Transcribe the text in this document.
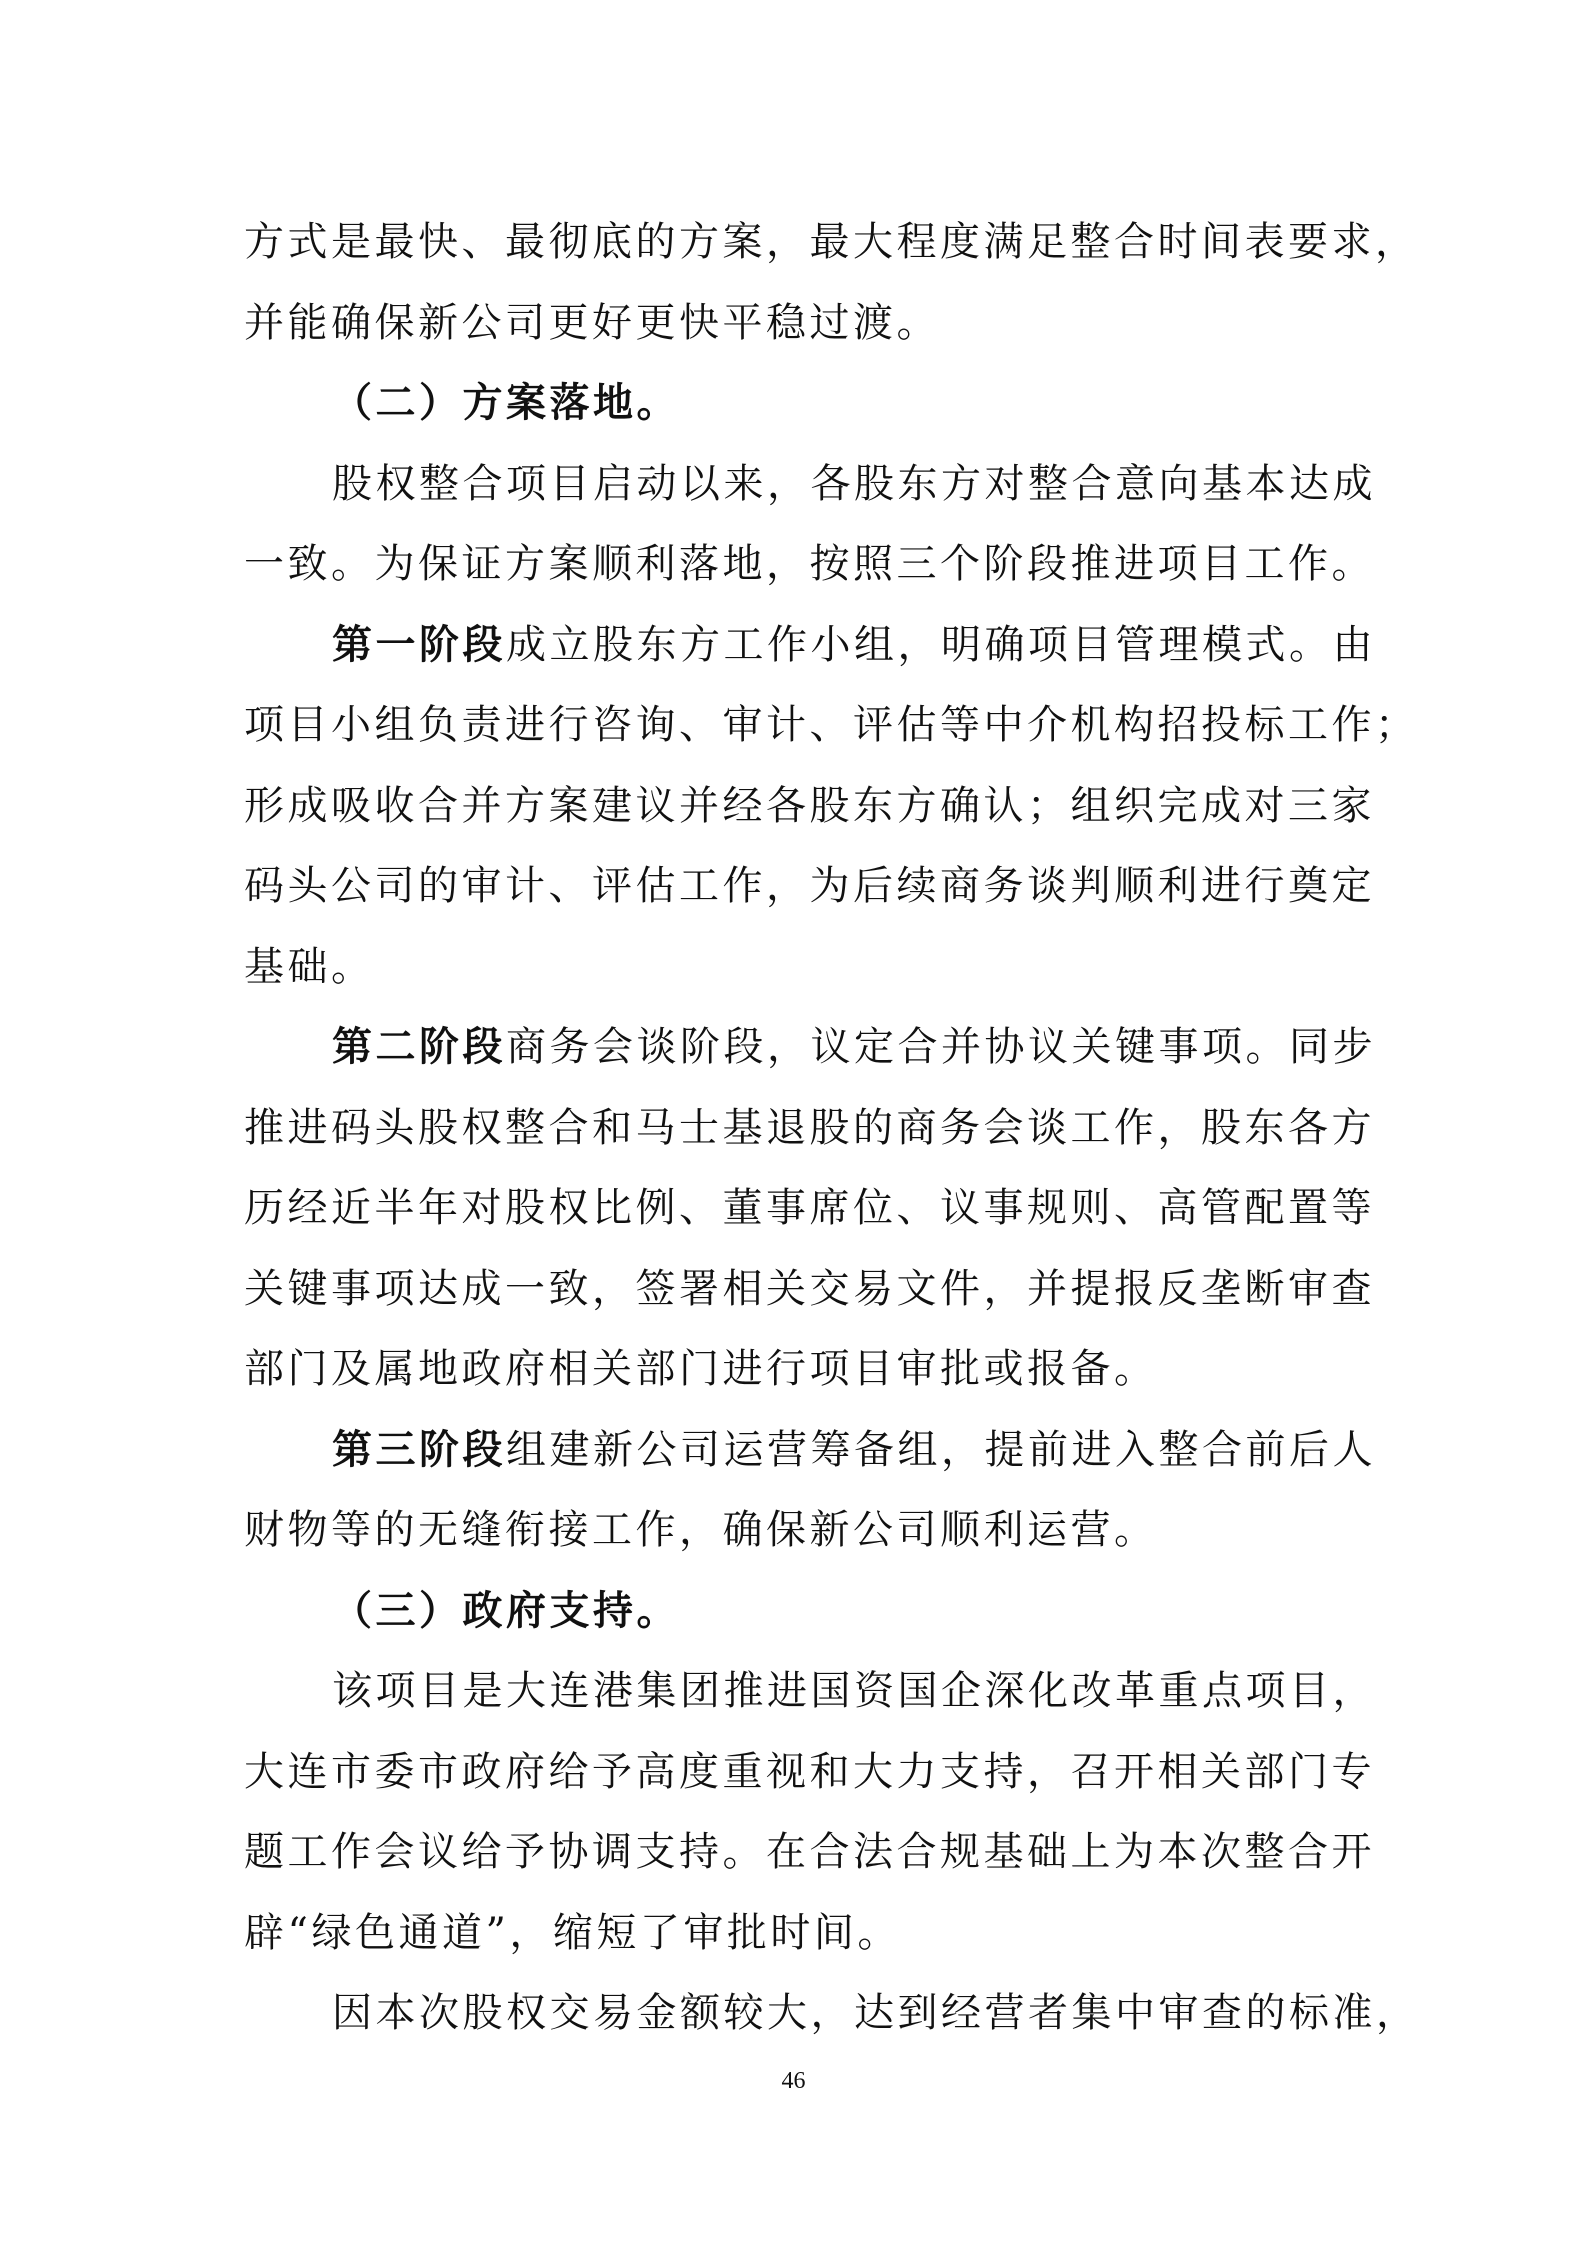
方式是最快、最彻底的方案，最大程度满足整合时间表要求，
并能确保新公司更好更快平稳过渡。
（二）方案落地。
股权整合项目启动以来，各股东方对整合意向基本达成
一致。为保证方案顺利落地，按照三个阶段推进项目工作。
第一阶段成立股东方工作小组，明确项目管理模式。由
项目小组负责进行咨询、审计、评估等中介机构招投标工作；
形成吸收合并方案建议并经各股东方确认；组织完成对三家
码头公司的审计、评估工作，为后续商务谈判顺利进行奠定
基础。
第二阶段商务会谈阶段，议定合并协议关键事项。同步
推进码头股权整合和马士基退股的商务会谈工作，股东各方
历经近半年对股权比例、董事席位、议事规则、高管配置等
关键事项达成一致，签署相关交易文件，并提报反垄断审查
部门及属地政府相关部门进行项目审批或报备。
第三阶段组建新公司运营筹备组，提前进入整合前后人
财物等的无缝衔接工作，确保新公司顺利运营。
（三）政府支持。
该项目是大连港集团推进国资国企深化改革重点项目，
大连市委市政府给予高度重视和大力支持，召开相关部门专
题工作会议给予协调支持。在合法合规基础上为本次整合开
辟“绿色通道”，缩短了审批时间。
因本次股权交易金额较大，达到经营者集中审查的标准，
46
